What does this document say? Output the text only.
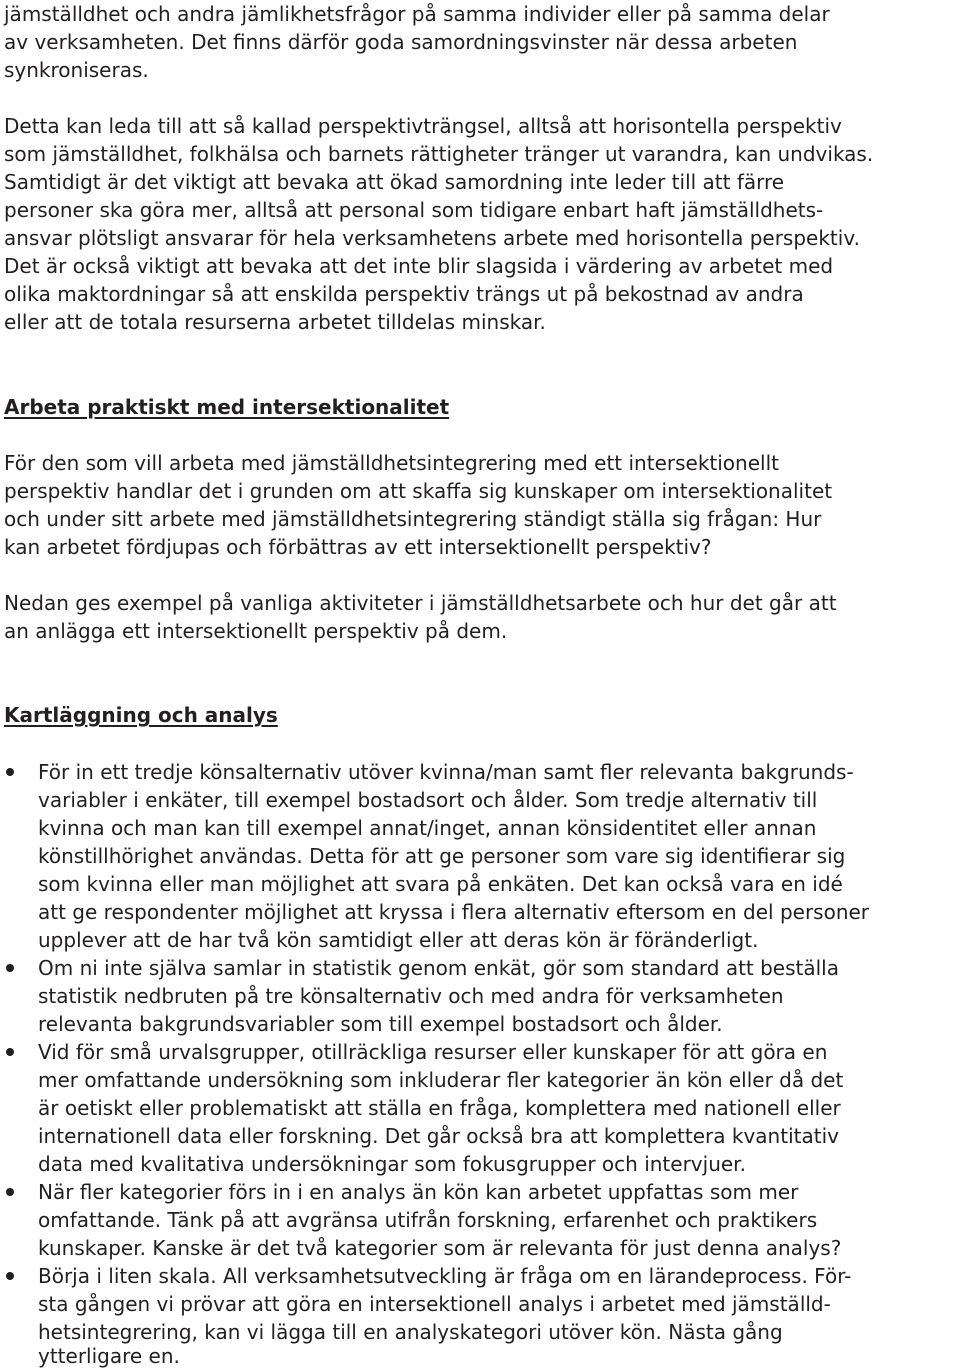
jämställdhet och andra jämlikhetsfrågor på samma individer eller på samma delar
av verksamheten. Det finns därför goda samordningsvinster när dessa arbeten
synkroniseras.
Detta kan leda till att så kallad perspektivträngsel, alltså att horisontella perspektiv
som jämställdhet, folkhälsa och barnets rättigheter tränger ut varandra, kan undvikas.
Samtidigt är det viktigt att bevaka att ökad samordning inte leder till att färre
personer ska göra mer, alltså att personal som tidigare enbart haft jämställdhets-
ansvar plötsligt ansvarar för hela verksamhetens arbete med horisontella perspektiv.
Det är också viktigt att bevaka att det inte blir slagsida i värdering av arbetet med
olika maktordningar så att enskilda perspektiv trängs ut på bekostnad av andra
eller att de totala resurserna arbetet tilldelas minskar.
Arbeta praktiskt med intersektionalitet
För den som vill arbeta med jämställdhetsintegrering med ett intersektionellt
perspektiv handlar det i grunden om att skaffa sig kunskaper om intersektionalitet
och under sitt arbete med jämställdhetsintegrering ständigt ställa sig frågan: Hur
kan arbetet fördjupas och förbättras av ett intersektionellt perspektiv?
Nedan ges exempel på vanliga aktiviteter i jämställdhetsarbete och hur det går att
an anlägga ett intersektionellt perspektiv på dem.
Kartläggning och analys
För in ett tredje könsalternativ utöver kvinna/man samt fler relevanta bakgrunds-
variabler i enkäter, till exempel bostadsort och ålder. Som tredje alternativ till
kvinna och man kan till exempel annat/inget, annan könsidentitet eller annan
könstillhörighet användas. Detta för att ge personer som vare sig identifierar sig
som kvinna eller man möjlighet att svara på enkäten. Det kan också vara en idé
att ge respondenter möjlighet att kryssa i flera alternativ eftersom en del personer
upplever att de har två kön samtidigt eller att deras kön är föränderligt.
Om ni inte själva samlar in statistik genom enkät, gör som standard att beställa
statistik nedbruten på tre könsalternativ och med andra för verksamheten
relevanta bakgrundsvariabler som till exempel bostadsort och ålder.
Vid för små urvalsgrupper, otillräckliga resurser eller kunskaper för att göra en
mer omfattande undersökning som inkluderar fler kategorier än kön eller då det
är oetiskt eller problematiskt att ställa en fråga, komplettera med nationell eller
internationell data eller forskning. Det går också bra att komplettera kvantitativ
data med kvalitativa undersökningar som fokusgrupper och intervjuer.
När fler kategorier förs in i en analys än kön kan arbetet uppfattas som mer
omfattande. Tänk på att avgränsa utifrån forskning, erfarenhet och praktikers
kunskaper. Kanske är det två kategorier som är relevanta för just denna analys?
Börja i liten skala. All verksamhetsutveckling är fråga om en lärandeprocess. För-
sta gången vi prövar att göra en intersektionell analys i arbetet med jämställd-
hetsintegrering, kan vi lägga till en analyskategori utöver kön. Nästa gång
ytterligare en.
